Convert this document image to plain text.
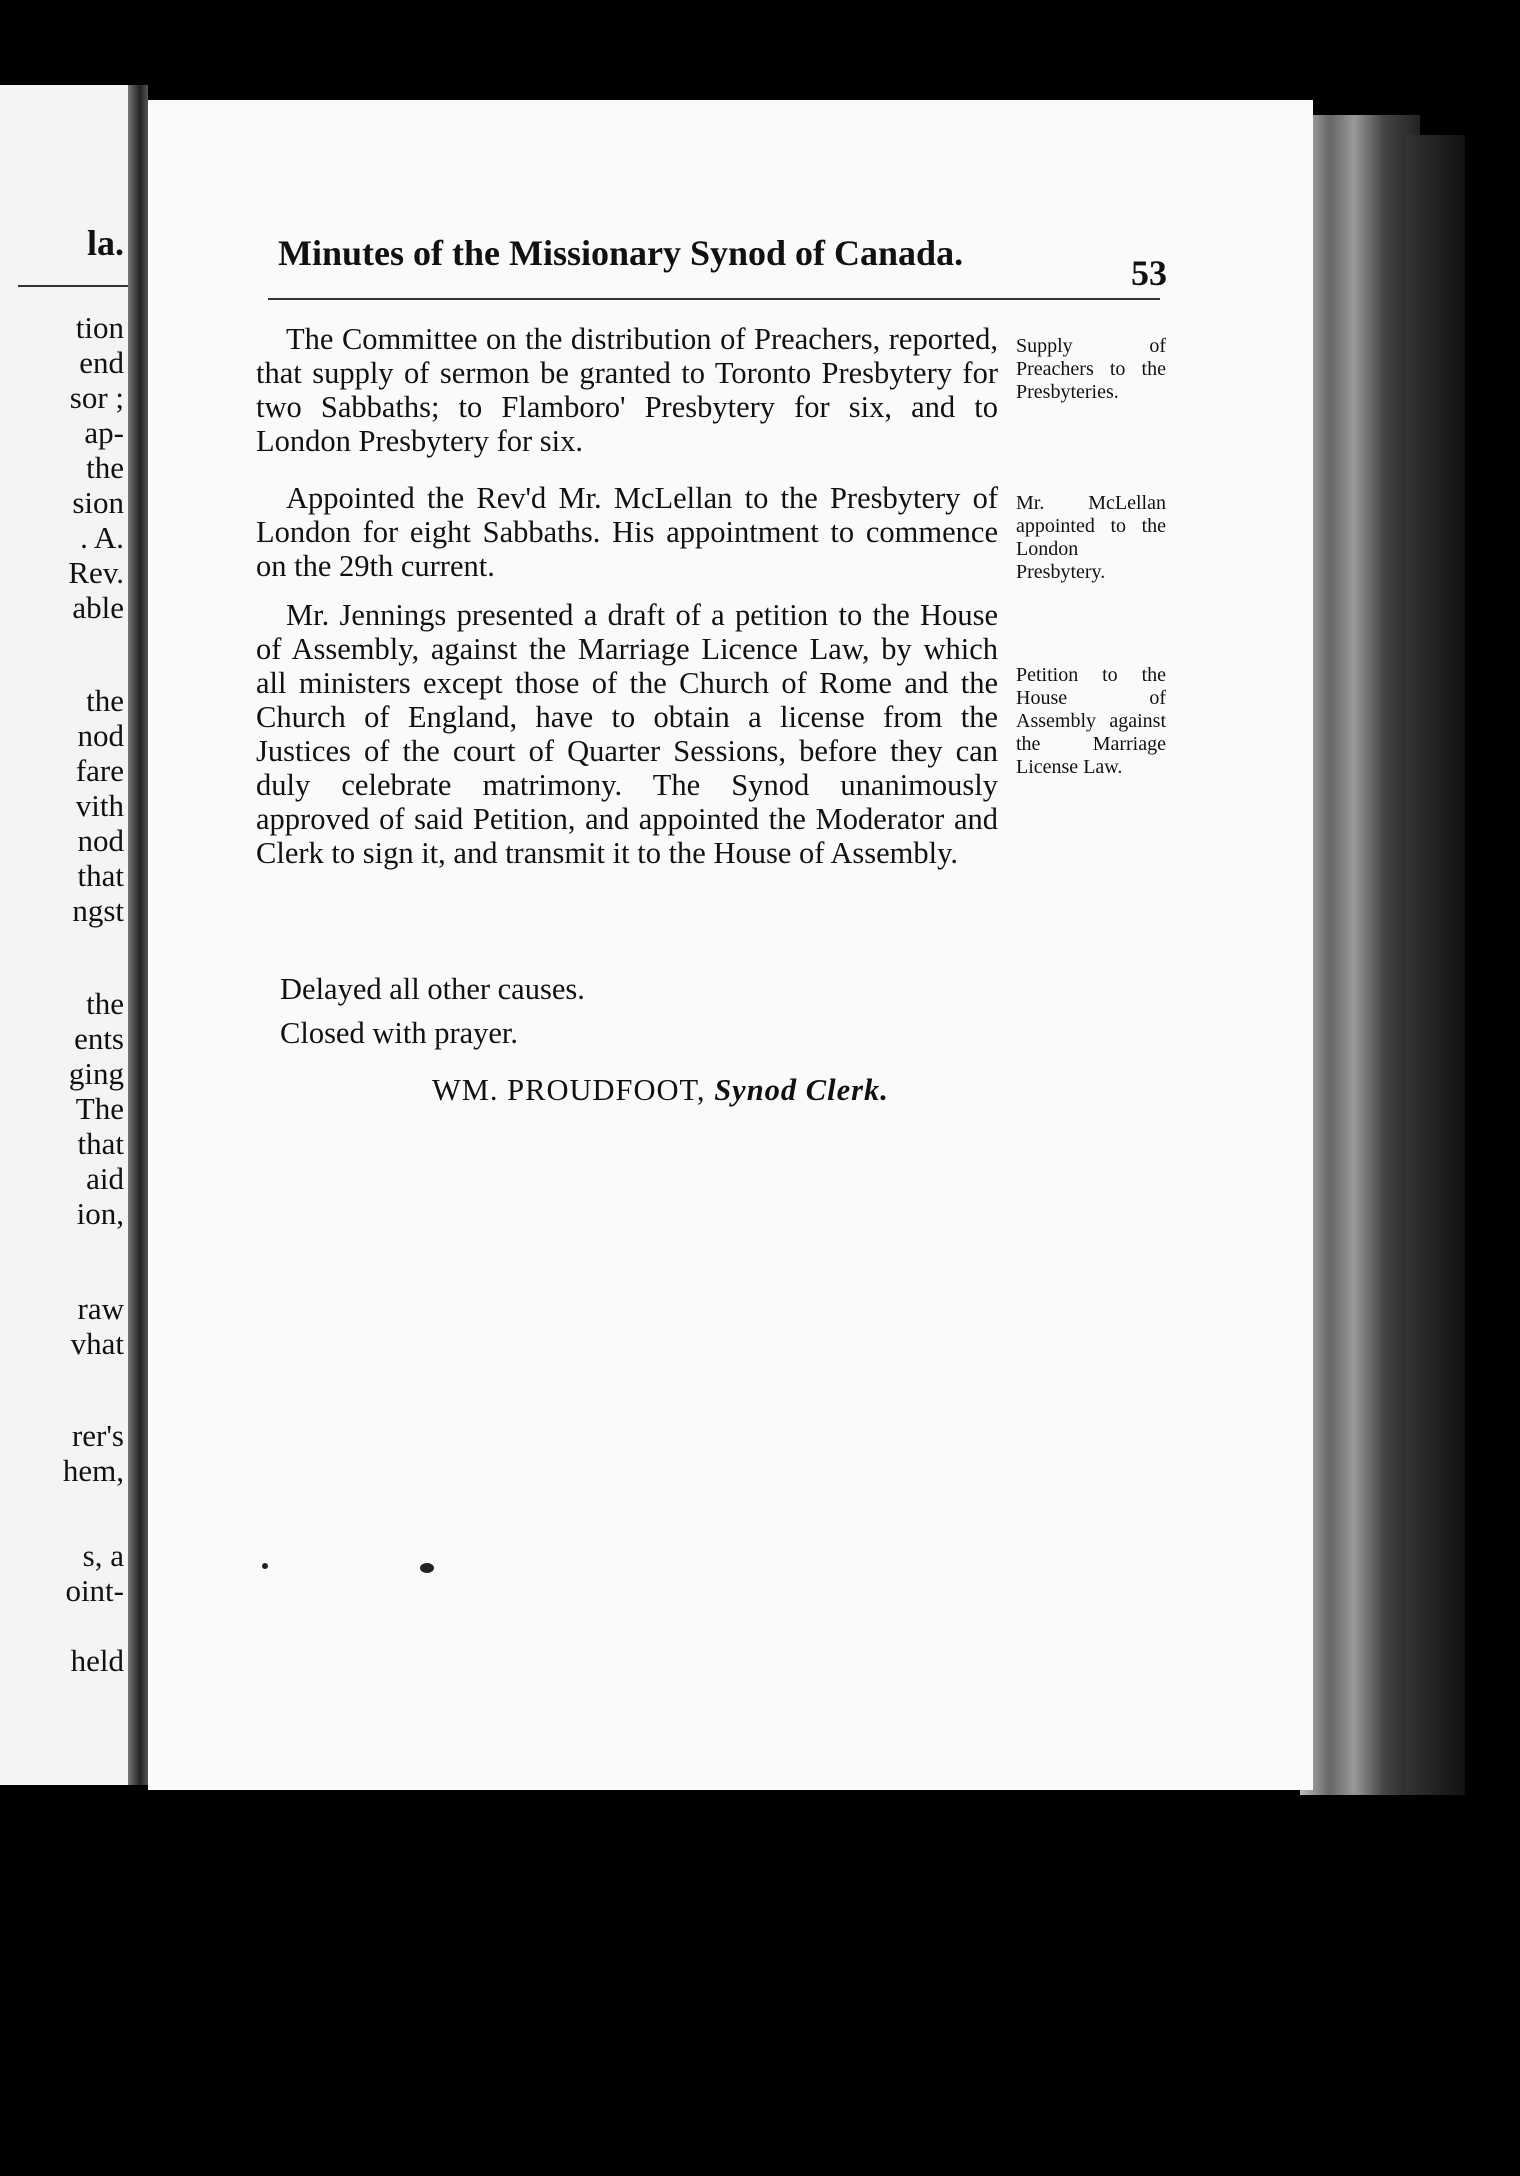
la.
tion
end
sor ;
ap-
the
sion
. A.
Rev.
able
the
nod
fare
vith
nod
that
ngst
the
ents
ging
The
that
aid
ion,
raw
vhat
rer's
hem,
s, a
oint-
held
Minutes of the Missionary Synod of Canada.	53

The Committee on the distribution of Preachers, reported, that supply of sermon be granted to Toronto Presbytery for two Sabbaths; to Flamboro' Presbytery for six, and to London Presbytery for six.

Appointed the Rev'd Mr. McLellan to the Presbytery of London for eight Sabbaths. His appointment to commence on the 29th current.

Mr. Jennings presented a draft of a petition to the House of Assembly, against the Marriage Licence Law, by which all ministers except those of the Church of Rome and the Church of England, have to obtain a license from the Justices of the court of Quarter Sessions, before they can duly celebrate matrimony. The Synod unanimously approved of said Petition, and appointed the Moderator and Clerk to sign it, and transmit it to the House of Assembly.

Delayed all other causes.
Closed with prayer.
WM. PROUDFOOT, Synod Clerk.
Supply of Preachers to the Presbyteries.
Mr. McLellan appointed to the London Presbytery.
Petition to the House of Assembly against the Marriage License Law.
